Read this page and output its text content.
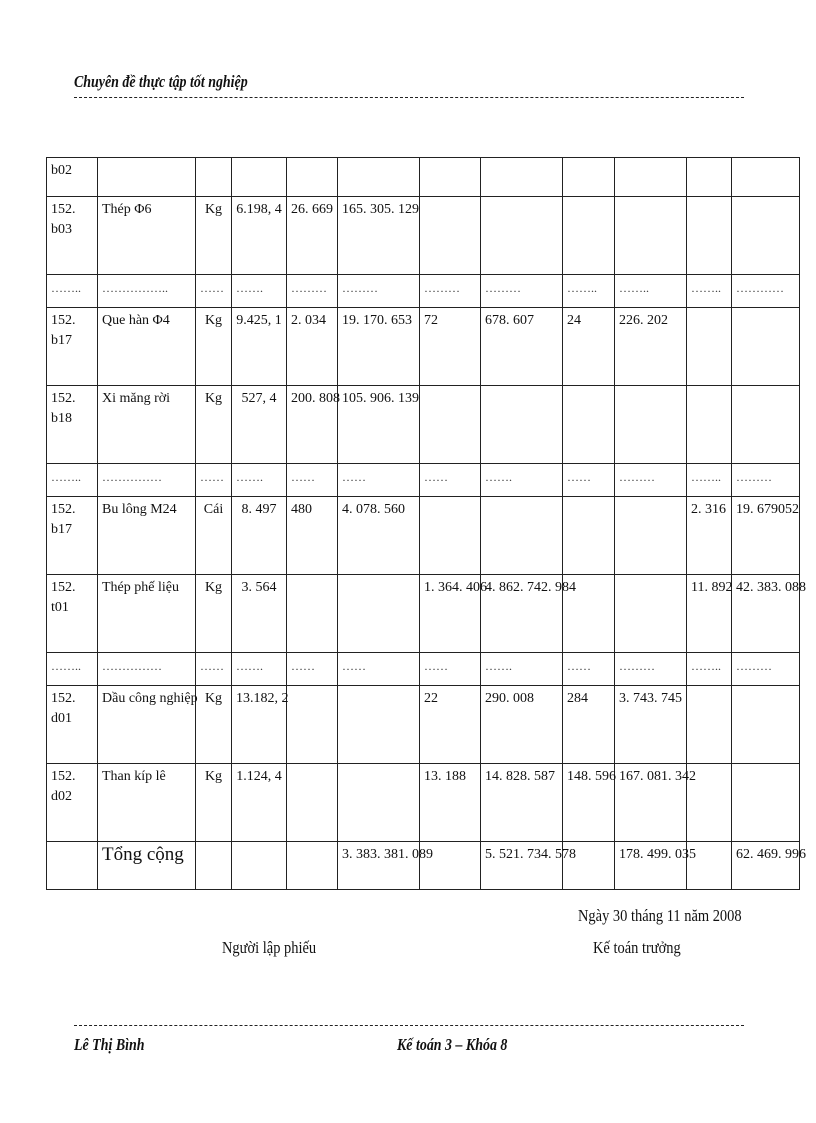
Chuyên đề thực tập tốt nghiệp
b02											
152.
b03	Thép Φ6	Kg	6.198, 4	26. 669	165. 305. 129						
……..	……………..	……	…….	………	………	………	………	……..	……..	……..	…………
152.
b17	Que hàn Φ4	Kg	9.425, 1	2. 034	19. 170. 653	72	678. 607	24	226. 202		
152.
b18	Xi măng rời	Kg	527, 4	200. 808	105. 906. 139						
……..	……………	……	…….	……	……	……	…….	……	………	……..	………
152.
b17	Bu lông M24	Cái	8. 497	480	4. 078. 560					2. 316	19. 679052
152.
t01	Thép phế liệu	Kg	3. 564			1. 364. 406	4. 862. 742. 984			11. 892	42. 383. 088
……..	……………	……	…….	……	……	……	…….	……	………	……..	………
152.
d01	Dầu công nghiệp	Kg	13.182, 2			22	290. 008	284	3. 743. 745		
152.
d02	Than kíp lê	Kg	1.124, 4			13. 188	14. 828. 587	148. 596	167. 081. 342		
	Tổng cộng				3. 383. 381. 089		5. 521. 734. 578		178. 499. 035		62. 469. 996
Ngày 30 tháng 11 năm 2008
Người lập phiếu	Kế toán trưởng
Lê Thị Bình	Kế toán 3 – Khóa 8
